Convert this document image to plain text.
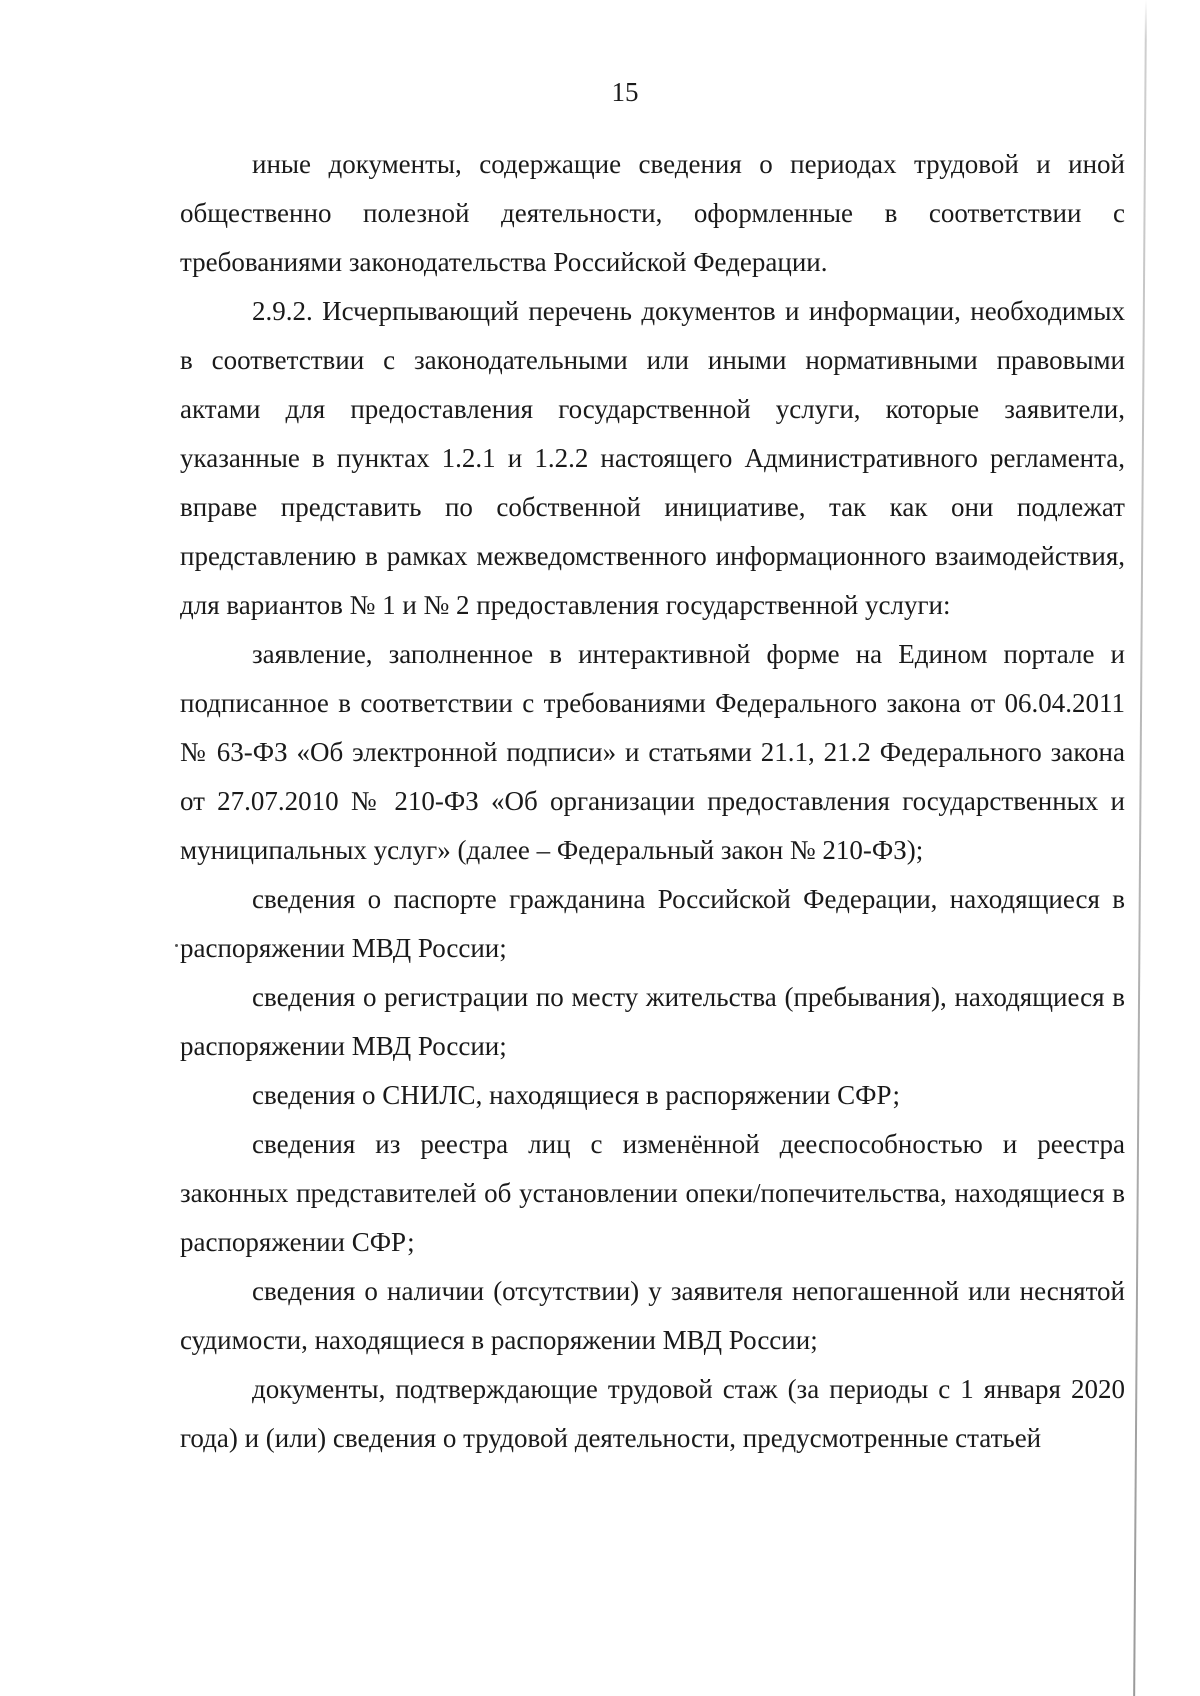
15

иные документы, содержащие сведения о периодах трудовой и иной общественно полезной деятельности, оформленные в соответствии с требованиями законодательства Российской Федерации.

2.9.2. Исчерпывающий перечень документов и информации, необходимых в соответствии с законодательными или иными нормативными правовыми актами для предоставления государственной услуги, которые заявители, указанные в пунктах 1.2.1 и 1.2.2 настоящего Административного регламента, вправе представить по собственной инициативе, так как они подлежат представлению в рамках межведомственного информационного взаимодействия, для вариантов № 1 и № 2 предоставления государственной услуги:

заявление, заполненное в интерактивной форме на Едином портале и подписанное в соответствии с требованиями Федерального закона от 06.04.2011 № 63-ФЗ «Об электронной подписи» и статьями 21.1, 21.2 Федерального закона от 27.07.2010 № 210-ФЗ «Об организации предоставления государственных и муниципальных услуг» (далее – Федеральный закон № 210-ФЗ);

сведения о паспорте гражданина Российской Федерации, находящиеся в распоряжении МВД России;

сведения о регистрации по месту жительства (пребывания), находящиеся в распоряжении МВД России;

сведения о СНИЛС, находящиеся в распоряжении СФР;

сведения из реестра лиц с изменённой дееспособностью и реестра законных представителей об установлении опеки/попечительства, находящиеся в распоряжении СФР;

сведения о наличии (отсутствии) у заявителя непогашенной или неснятой судимости, находящиеся в распоряжении МВД России;

документы, подтверждающие трудовой стаж (за периоды с 1 января 2020 года) и (или) сведения о трудовой деятельности, предусмотренные статьей
